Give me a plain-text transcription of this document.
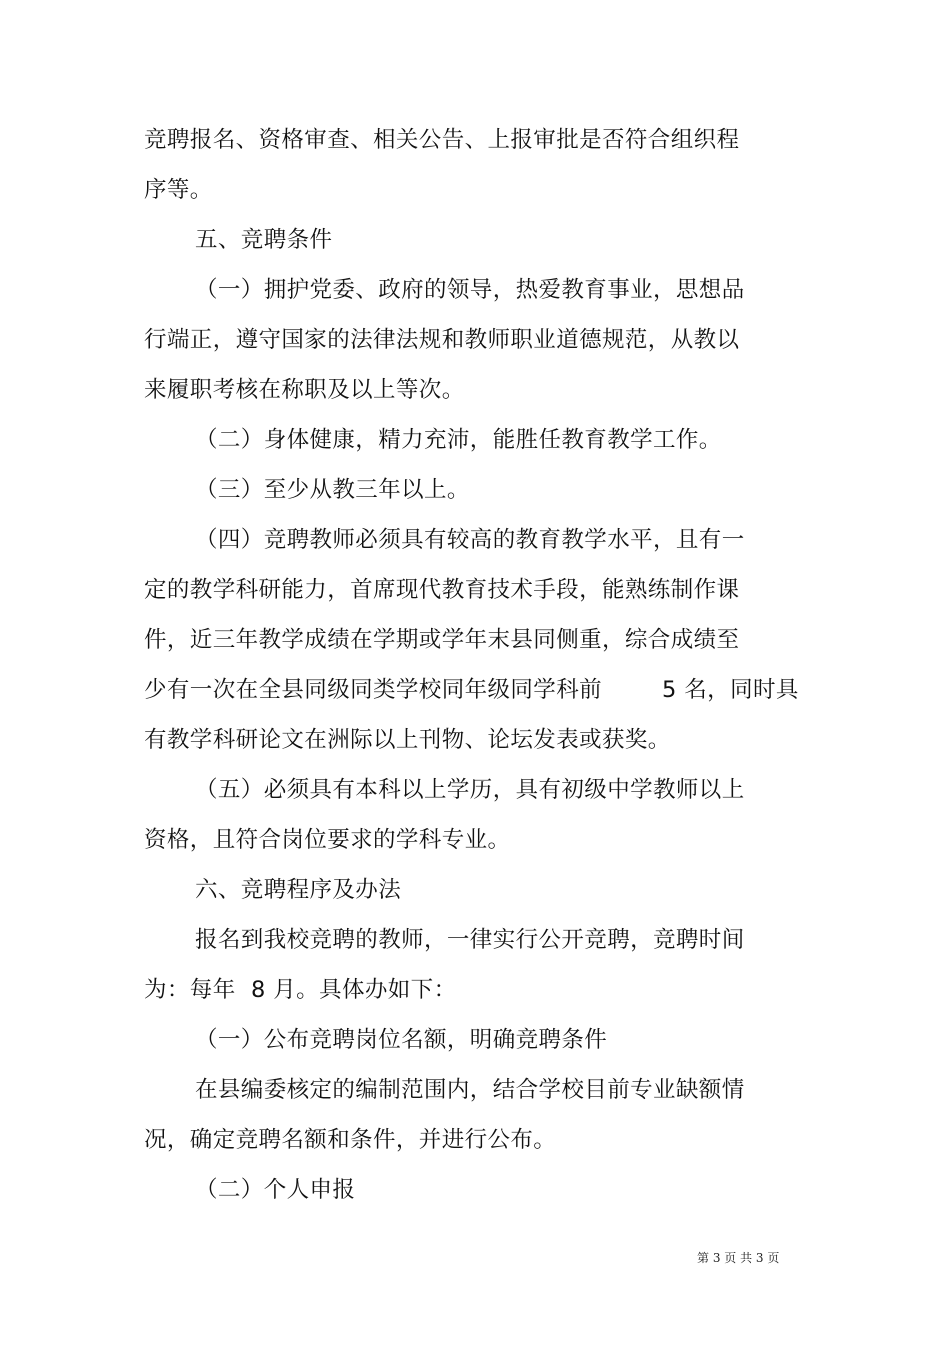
竞聘报名、资格审查、相关公告、上报审批是否符合组织程
序等。
五、竞聘条件
（一）拥护党委、政府的领导，热爱教育事业，思想品
行端正，遵守国家的法律法规和教师职业道德规范，从教以
来履职考核在称职及以上等次。
（二）身体健康，精力充沛，能胜任教育教学工作。
（三）至少从教三年以上。
（四）竞聘教师必须具有较高的教育教学水平，且有一
定的教学科研能力，首席现代教育技术手段，能熟练制作课
件，近三年教学成绩在学期或学年末县同侧重，综合成绩至
少有一次在全县同级同类学校同年级同学科前	5 名，同时具
有教学科研论文在洲际以上刊物、论坛发表或获奖。
（五）必须具有本科以上学历，具有初级中学教师以上
资格，且符合岗位要求的学科专业。
六、竞聘程序及办法
报名到我校竞聘的教师，一律实行公开竞聘，竞聘时间
为：每年 8 月。具体办如下：
（一）公布竞聘岗位名额，明确竞聘条件
在县编委核定的编制范围内，结合学校目前专业缺额情
况，确定竞聘名额和条件，并进行公布。
（二）个人申报
第 3 页 共 3 页
